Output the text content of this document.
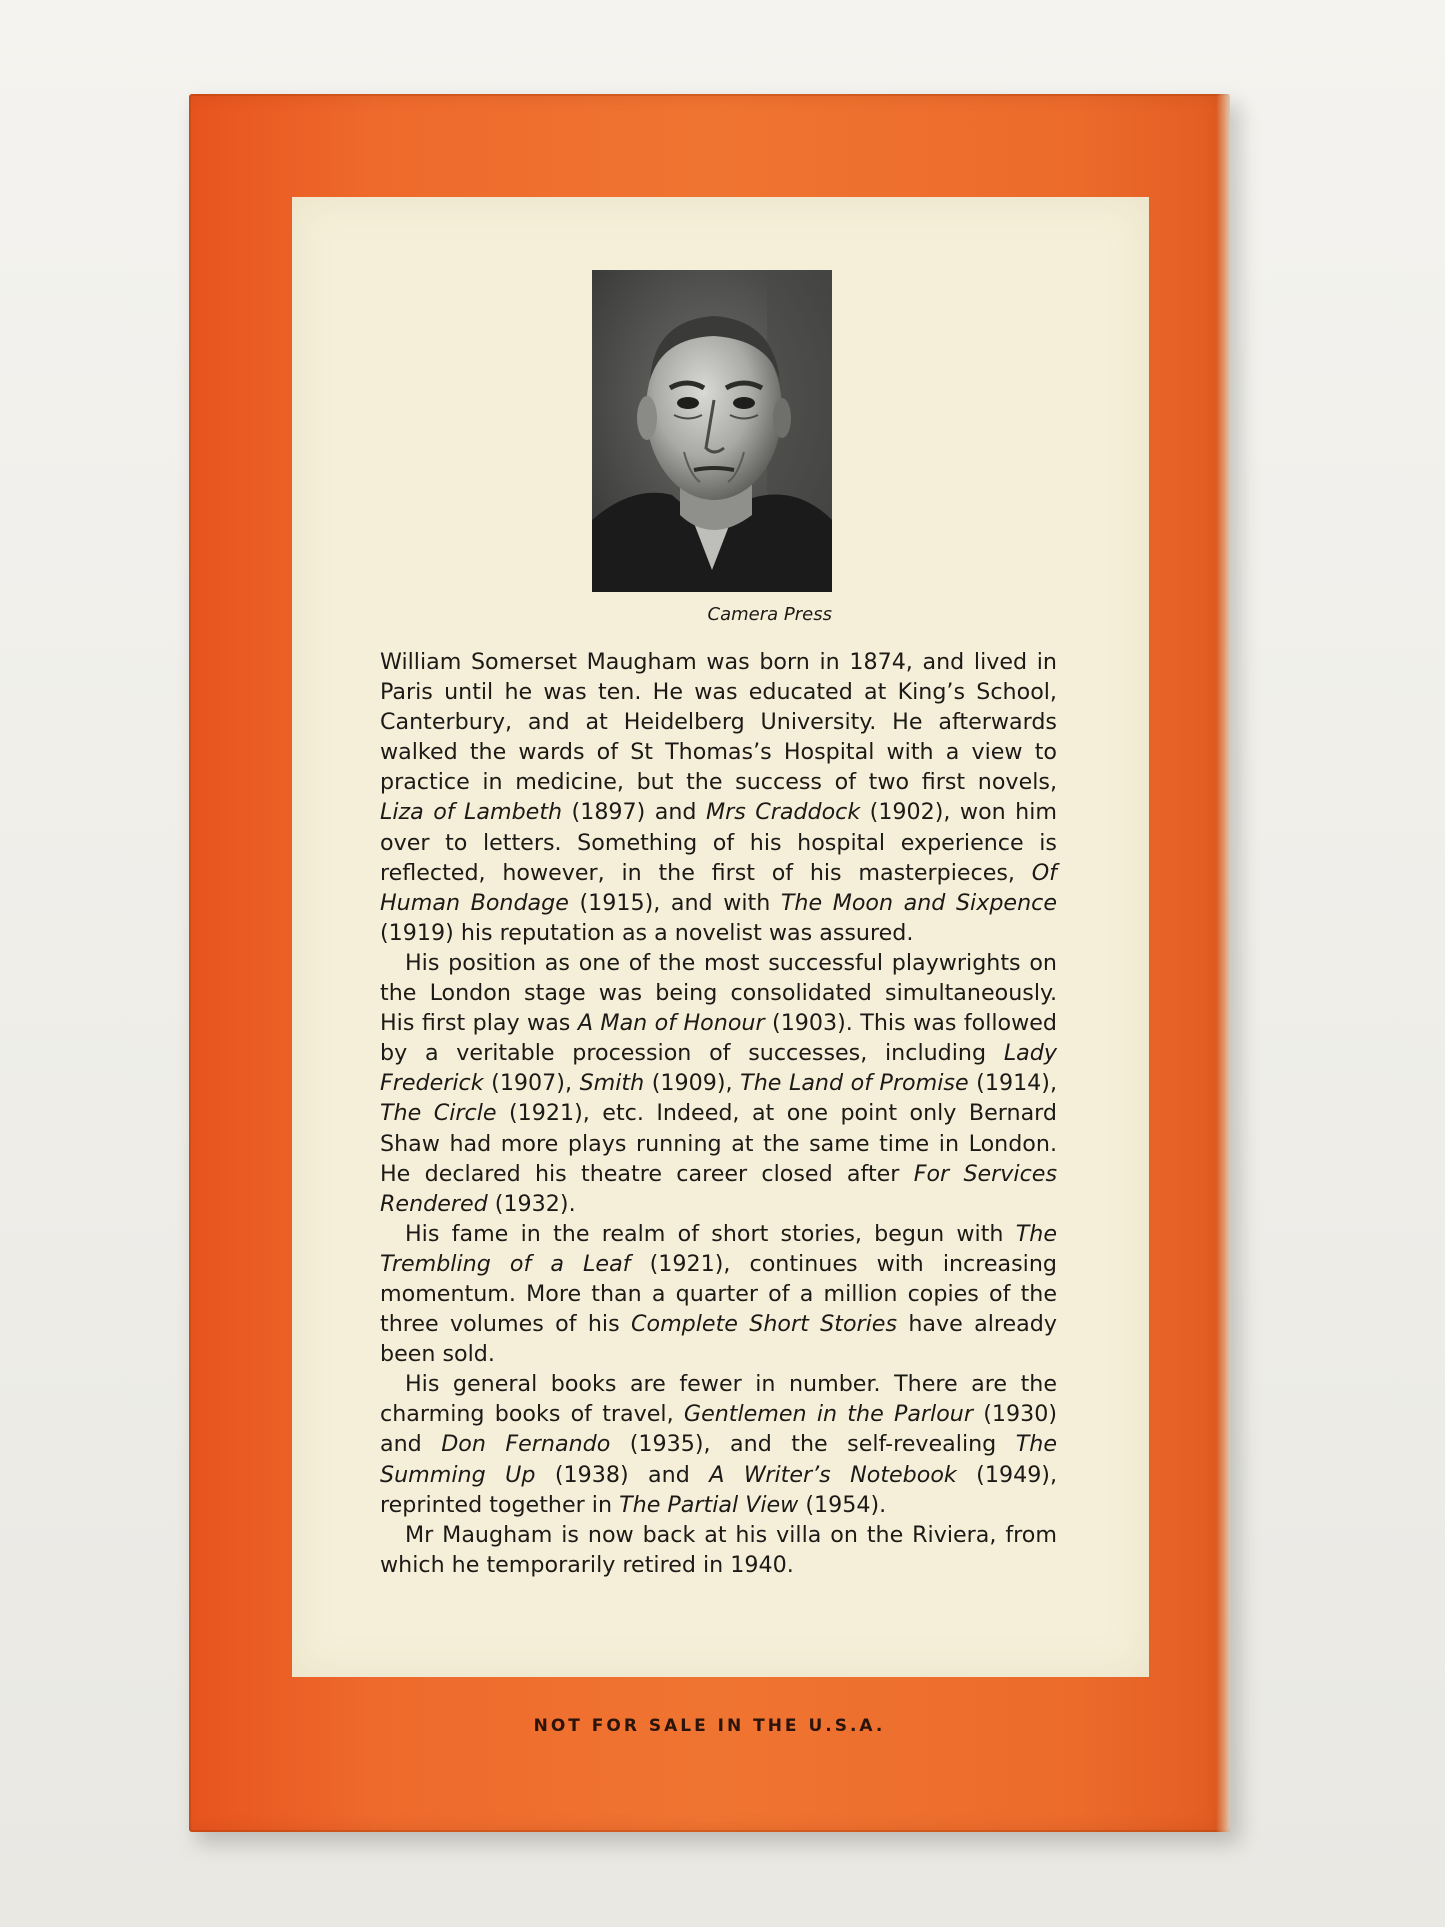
Camera Press

William Somerset Maugham was born in 1874, and lived in Paris until he was ten. He was educated at King’s School, Canterbury, and at Heidelberg University. He afterwards walked the wards of St Thomas’s Hospital with a view to practice in medicine, but the success of two first novels, Liza of Lambeth (1897) and Mrs Craddock (1902), won him over to letters. Something of his hospital experience is reflected, however, in the first of his masterpieces, Of Human Bondage (1915), and with The Moon and Sixpence (1919) his reputation as a novelist was assured.

His position as one of the most successful playwrights on the London stage was being consolidated simultaneously. His first play was A Man of Honour (1903). This was followed by a veritable procession of successes, including Lady Frederick (1907), Smith (1909), The Land of Promise (1914), The Circle (1921), etc. Indeed, at one point only Bernard Shaw had more plays running at the same time in London. He declared his theatre career closed after For Services Rendered (1932).

His fame in the realm of short stories, begun with The Trembling of a Leaf (1921), continues with increasing momentum. More than a quarter of a million copies of the three volumes of his Complete Short Stories have already been sold.

His general books are fewer in number. There are the charming books of travel, Gentlemen in the Parlour (1930) and Don Fernando (1935), and the self-revealing The Summing Up (1938) and A Writer’s Notebook (1949), reprinted together in The Partial View (1954).

Mr Maugham is now back at his villa on the Riviera, from which he temporarily retired in 1940.

NOT FOR SALE IN THE U.S.A.
